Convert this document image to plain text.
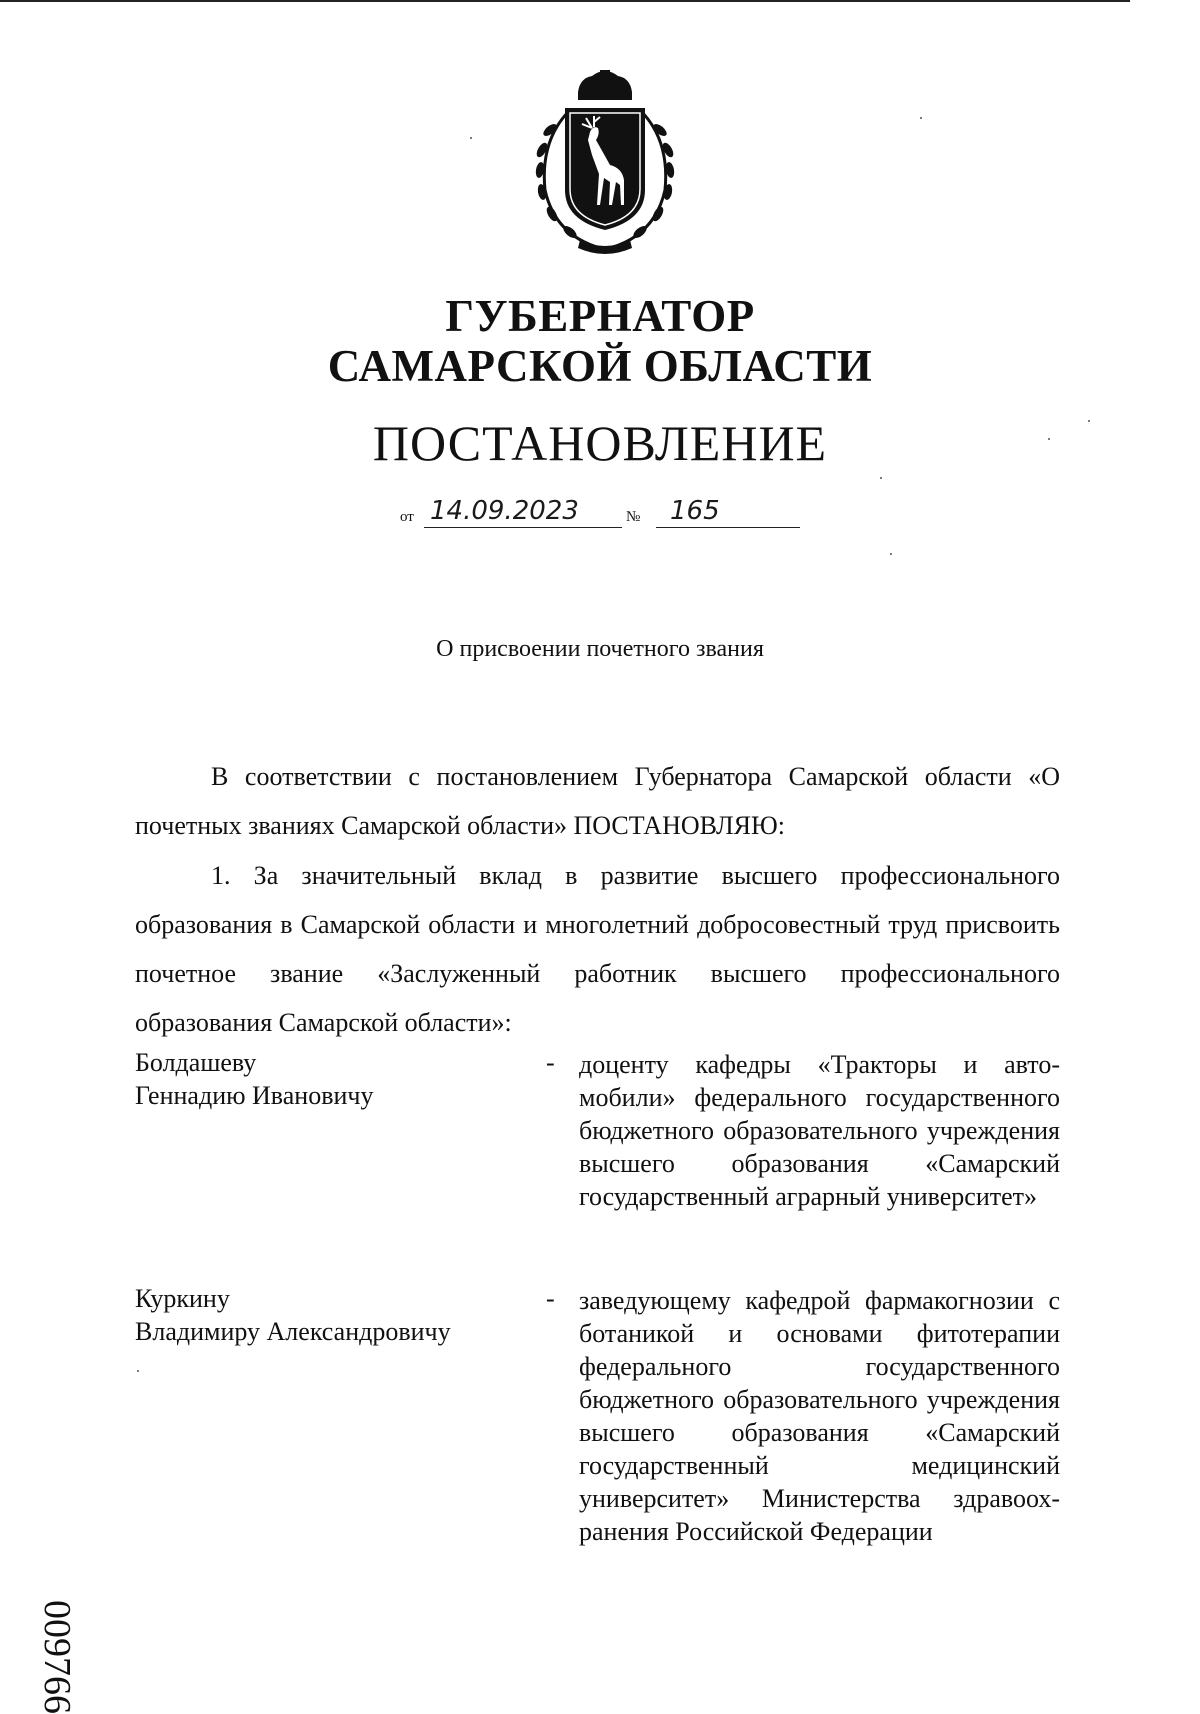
ГУБЕРНАТОР
САМАРСКОЙ ОБЛАСТИ
ПОСТАНОВЛЕНИЕ
от 14.09.2023	№ 165
О присвоении почетного звания
В соответствии с постановлением Губернатора Самарской области «О почетных званиях Самарской области» ПОСТАНОВЛЯЮ:
1. За значительный вклад в развитие высшего профессионального образования в Самарской области и многолетний добросовестный труд присвоить почетное звание «Заслуженный работник высшего профессионального образования Самарской области»:
Болдашеву
Геннадию Ивановичу
- доценту кафедры «Тракторы и автомобили» федерального государственного бюджетного образовательного учреждения высшего образования «Самарский государственный аграрный университет»
Куркину
Владимиру Александровичу
- заведующему кафедрой фармакогнозии с ботаникой и основами фитотерапии федерального государственного бюджетного образовательного учреждения высшего образования «Самарский государственный медицинский университет» Министерства здравоохранения Российской Федерации
009766
